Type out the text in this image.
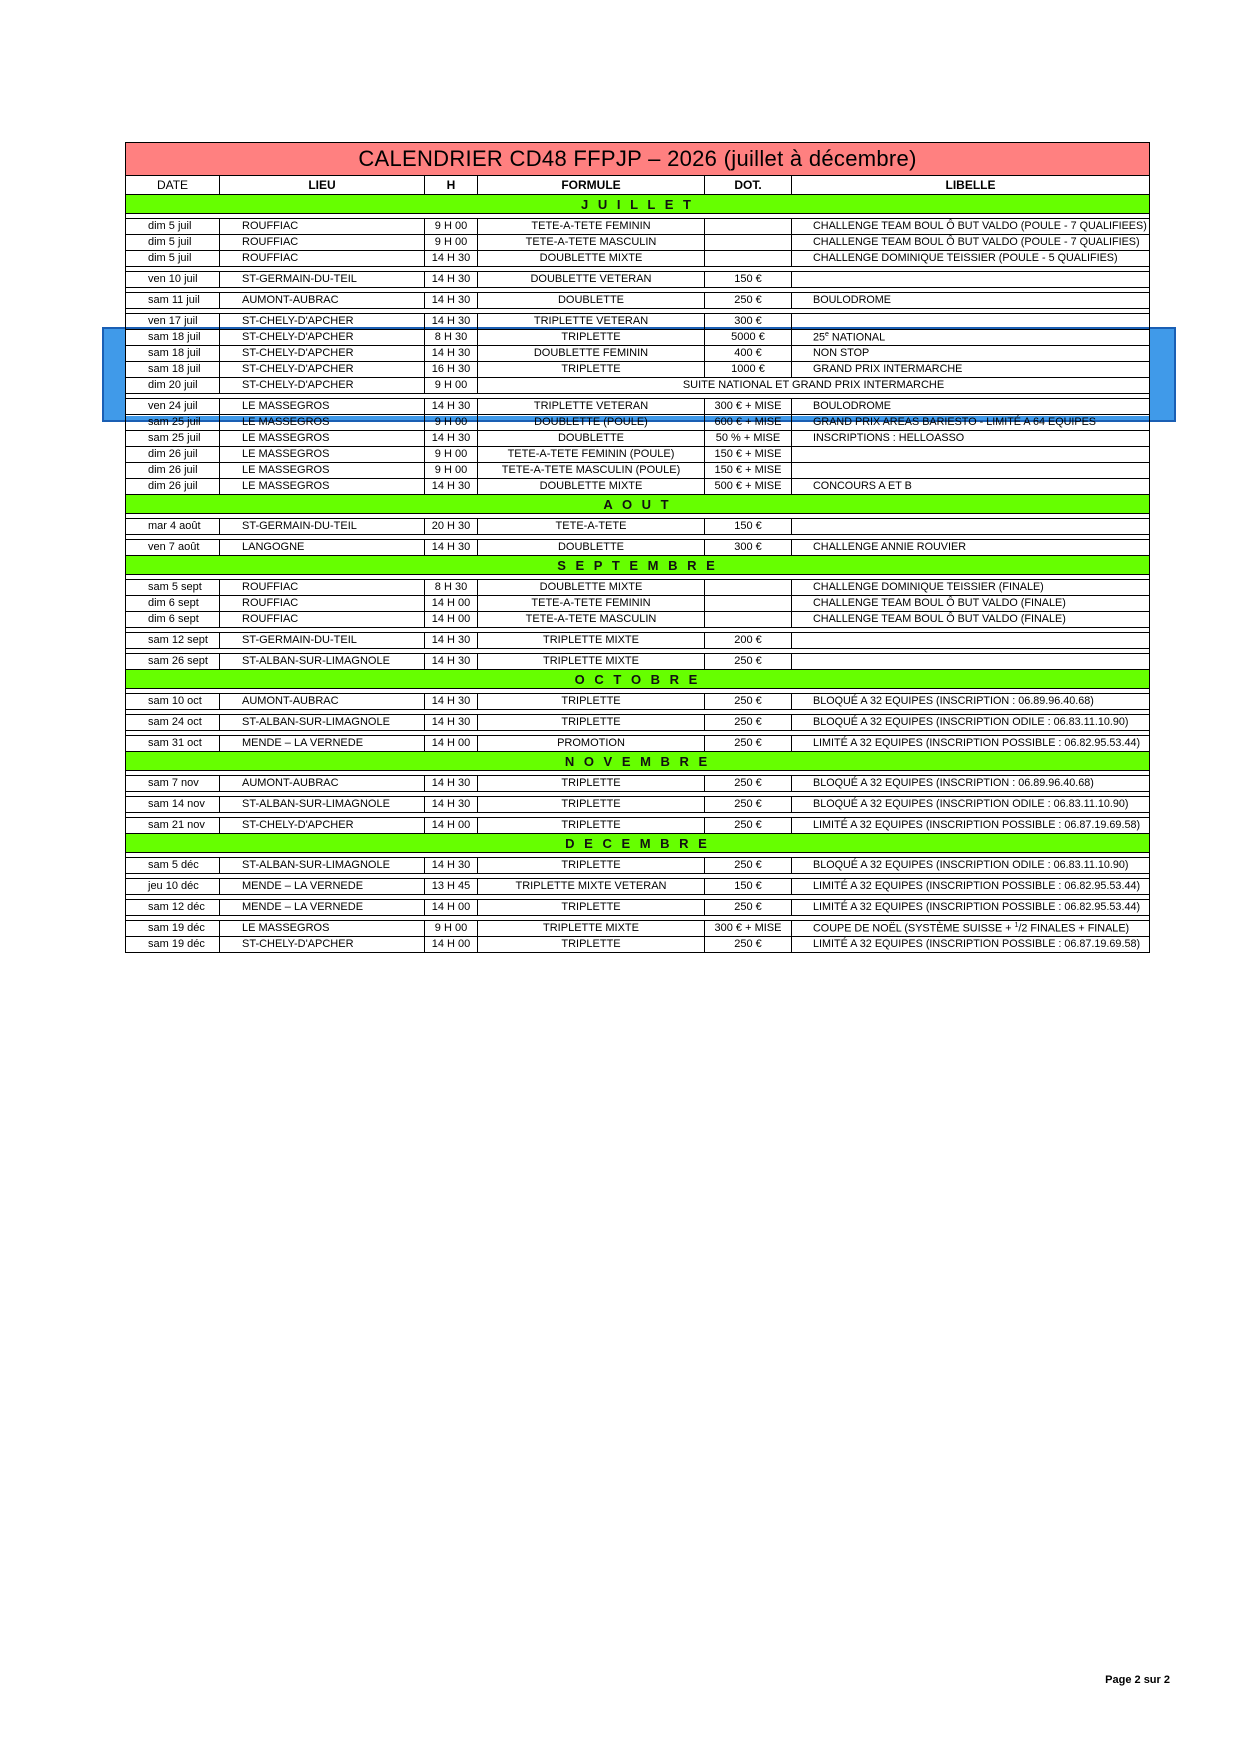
CALENDRIER CD48 FFPJP – 2026 (juillet à décembre)					
DATE	LIEU	H	FORMULE	DOT.	LIBELLE
J U I L L E T					

dim 5 juil	ROUFFIAC	9 H 00	TETE-A-TETE FEMININ		CHALLENGE TEAM BOUL Ô BUT VALDO (POULE - 7 QUALIFIEES)
dim 5 juil	ROUFFIAC	9 H 00	TETE-A-TETE MASCULIN		CHALLENGE TEAM BOUL Ô BUT VALDO (POULE - 7 QUALIFIES)
dim 5 juil	ROUFFIAC	14 H 30	DOUBLETTE MIXTE		CHALLENGE DOMINIQUE TEISSIER (POULE - 5 QUALIFIES)

ven 10 juil	ST-GERMAIN-DU-TEIL	14 H 30	DOUBLETTE VETERAN	150 €	

sam 11 juil	AUMONT-AUBRAC	14 H 30	DOUBLETTE	250 €	BOULODROME

ven 17 juil	ST-CHELY-D'APCHER	14 H 30	TRIPLETTE VETERAN	300 €	
sam 18 juil	ST-CHELY-D'APCHER	8 H 30	TRIPLETTE	5000 €	25e NATIONAL
sam 18 juil	ST-CHELY-D'APCHER	14 H 30	DOUBLETTE FEMININ	400 €	NON STOP
sam 18 juil	ST-CHELY-D'APCHER	16 H 30	TRIPLETTE	1000 €	GRAND PRIX INTERMARCHE
dim 20 juil	ST-CHELY-D'APCHER	9 H 00	SUITE NATIONAL ET GRAND PRIX INTERMARCHE		

ven 24 juil	LE MASSEGROS	14 H 30	TRIPLETTE VETERAN	300 € + MISE	BOULODROME
sam 25 juil	LE MASSEGROS	9 H 00	DOUBLETTE (POULE)	600 € + MISE	GRAND PRIX AREAS BARIESTO - LIMITÉ A 64 EQUIPES
sam 25 juil	LE MASSEGROS	14 H 30	DOUBLETTE	50 % + MISE	INSCRIPTIONS : HELLOASSO
dim 26 juil	LE MASSEGROS	9 H 00	TETE-A-TETE FEMININ (POULE)	150 € + MISE	
dim 26 juil	LE MASSEGROS	9 H 00	TETE-A-TETE MASCULIN (POULE)	150 € + MISE	
dim 26 juil	LE MASSEGROS	14 H 30	DOUBLETTE MIXTE	500 € + MISE	CONCOURS A ET B
A O U T					

mar 4 août	ST-GERMAIN-DU-TEIL	20 H 30	TETE-A-TETE	150 €	

ven 7 août	LANGOGNE	14 H 30	DOUBLETTE	300 €	CHALLENGE ANNIE ROUVIER
S E P T E M B R E					

sam 5 sept	ROUFFIAC	8 H 30	DOUBLETTE MIXTE		CHALLENGE DOMINIQUE TEISSIER (FINALE)
dim 6 sept	ROUFFIAC	14 H 00	TETE-A-TETE FEMININ		CHALLENGE TEAM BOUL Ô BUT VALDO (FINALE)
dim 6 sept	ROUFFIAC	14 H 00	TETE-A-TETE MASCULIN		CHALLENGE TEAM BOUL Ô BUT VALDO (FINALE)

sam 12 sept	ST-GERMAIN-DU-TEIL	14 H 30	TRIPLETTE MIXTE	200 €	

sam 26 sept	ST-ALBAN-SUR-LIMAGNOLE	14 H 30	TRIPLETTE MIXTE	250 €	
O C T O B R E					

sam 10 oct	AUMONT-AUBRAC	14 H 30	TRIPLETTE	250 €	BLOQUÉ A 32 EQUIPES (INSCRIPTION : 06.89.96.40.68)

sam 24 oct	ST-ALBAN-SUR-LIMAGNOLE	14 H 30	TRIPLETTE	250 €	BLOQUÉ A 32 EQUIPES (INSCRIPTION ODILE : 06.83.11.10.90)

sam 31 oct	MENDE – LA VERNEDE	14 H 00	PROMOTION	250 €	LIMITÉ A 32 EQUIPES (INSCRIPTION POSSIBLE : 06.82.95.53.44)
N O V E M B R E					

sam 7 nov	AUMONT-AUBRAC	14 H 30	TRIPLETTE	250 €	BLOQUÉ A 32 EQUIPES (INSCRIPTION : 06.89.96.40.68)

sam 14 nov	ST-ALBAN-SUR-LIMAGNOLE	14 H 30	TRIPLETTE	250 €	BLOQUÉ A 32 EQUIPES (INSCRIPTION ODILE : 06.83.11.10.90)

sam 21 nov	ST-CHELY-D'APCHER	14 H 00	TRIPLETTE	250 €	LIMITÉ A 32 EQUIPES (INSCRIPTION POSSIBLE : 06.87.19.69.58)
D E C E M B R E					

sam 5 déc	ST-ALBAN-SUR-LIMAGNOLE	14 H 30	TRIPLETTE	250 €	BLOQUÉ A 32 EQUIPES (INSCRIPTION ODILE : 06.83.11.10.90)

jeu 10 déc	MENDE – LA VERNEDE	13 H 45	TRIPLETTE MIXTE VETERAN	150 €	LIMITÉ A 32 EQUIPES (INSCRIPTION POSSIBLE : 06.82.95.53.44)

sam 12 déc	MENDE – LA VERNEDE	14 H 00	TRIPLETTE	250 €	LIMITÉ A 32 EQUIPES (INSCRIPTION POSSIBLE : 06.82.95.53.44)

sam 19 déc	LE MASSEGROS	9 H 00	TRIPLETTE MIXTE	300 € + MISE	COUPE DE NOËL (SYSTÈME SUISSE + $^1$/2 FINALES + FINALE)
sam 19 déc	ST-CHELY-D'APCHER	14 H 00	TRIPLETTE	250 €	LIMITÉ A 32 EQUIPES (INSCRIPTION POSSIBLE : 06.87.19.69.58)
Page 2 sur 2
